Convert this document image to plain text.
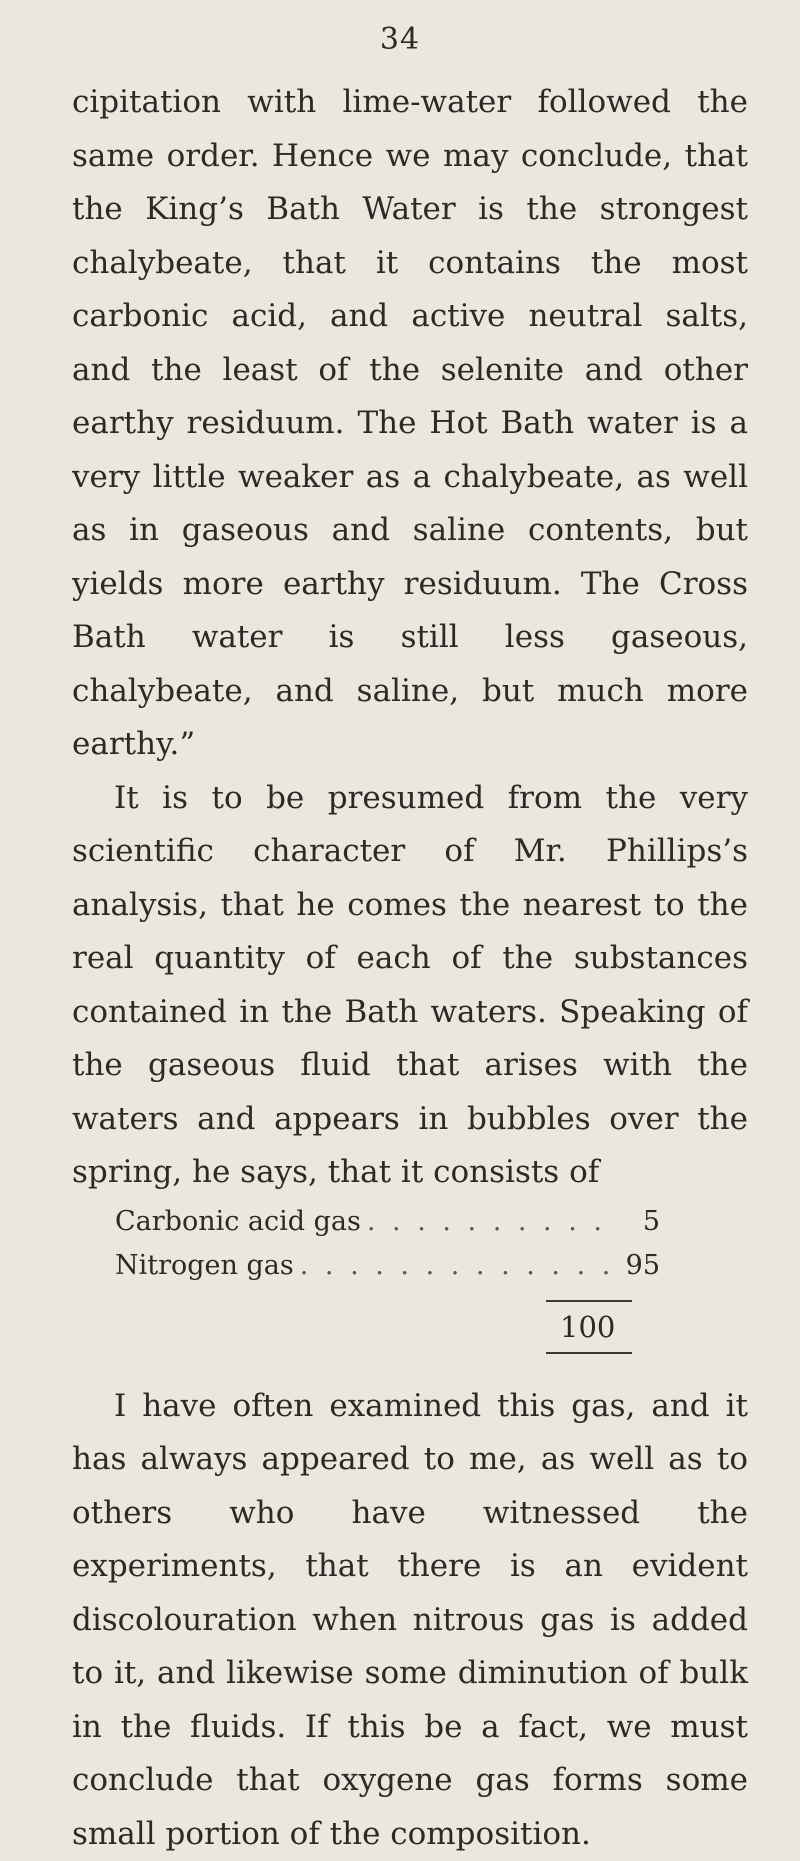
34

cipitation with lime-water followed the same order. Hence we may conclude, that the King’s Bath Water is the strongest chalybeate, that it contains the most carbonic acid, and active neutral salts, and the least of the selenite and other earthy residuum. The Hot Bath water is a very little weaker as a chalybeate, as well as in gaseous and saline contents, but yields more earthy residuum. The Cross Bath water is still less gaseous, chalybeate, and saline, but much more earthy.”

It is to be presumed from the very scientific character of Mr. Phillips’s analysis, that he comes the nearest to the real quantity of each of the substances contained in the Bath waters. Speaking of the gaseous fluid that arises with the waters and appears in bubbles over the spring, he says, that it consists of

Carbonic acid gas . . .	5
Nitrogen gas . . .	95
100

I have often examined this gas, and it has always appeared to me, as well as to others who have witnessed the experiments, that there is an evident discolouration when nitrous gas is added to it, and likewise some diminution of bulk in the fluids. If this be a fact, we must conclude that oxygene gas forms some small portion of the composition.
